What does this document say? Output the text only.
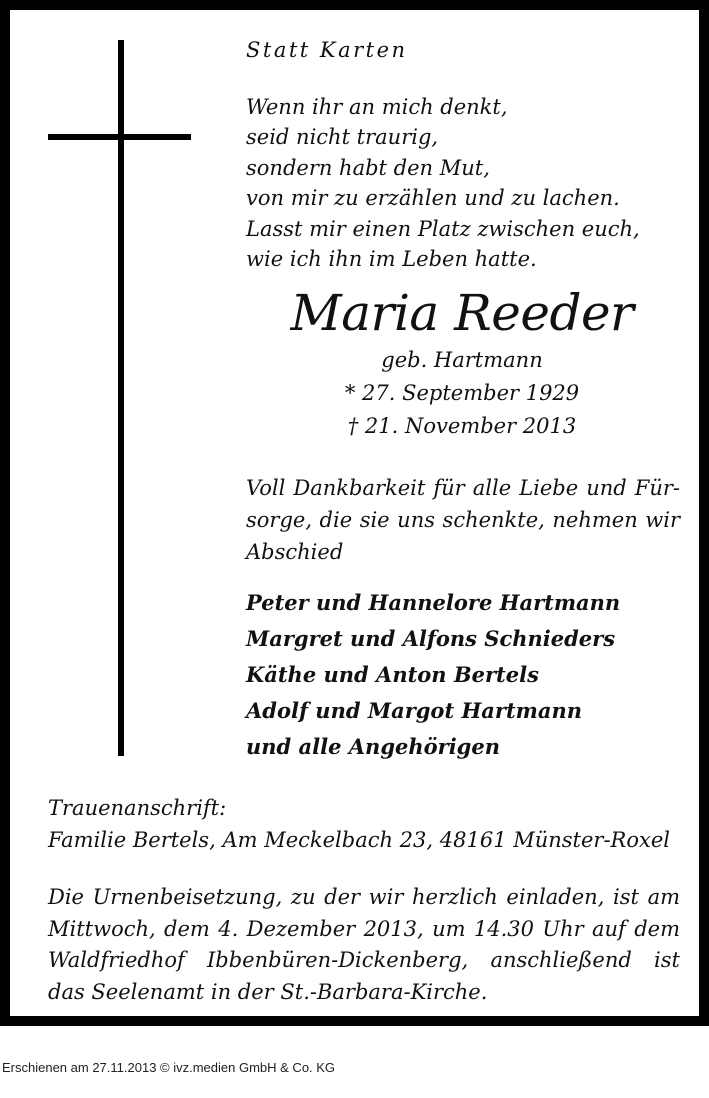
Statt Karten
Wenn ihr an mich denkt,
seid nicht traurig,
sondern habt den Mut,
von mir zu erzählen und zu lachen.
Lasst mir einen Platz zwischen euch,
wie ich ihn im Leben hatte.
Maria Reeder
geb. Hartmann
* 27. September 1929
† 21. November 2013
Voll Dankbarkeit für alle Liebe und Für-
sorge, die sie uns schenkte, nehmen wir
Abschied
Peter und Hannelore Hartmann
Margret und Alfons Schnieders
Käthe und Anton Bertels
Adolf und Margot Hartmann
und alle Angehörigen
Trauenanschrift:
Familie Bertels, Am Meckelbach 23, 48161 Münster-Roxel
Die Urnenbeisetzung, zu der wir herzlich einladen, ist am
Mittwoch, dem 4. Dezember 2013, um 14.30 Uhr auf dem
Waldfriedhof Ibbenbüren-Dickenberg, anschließend ist
das Seelenamt in der St.-Barbara-Kirche.
Erschienen am 27.11.2013 © ivz.medien GmbH & Co. KG
